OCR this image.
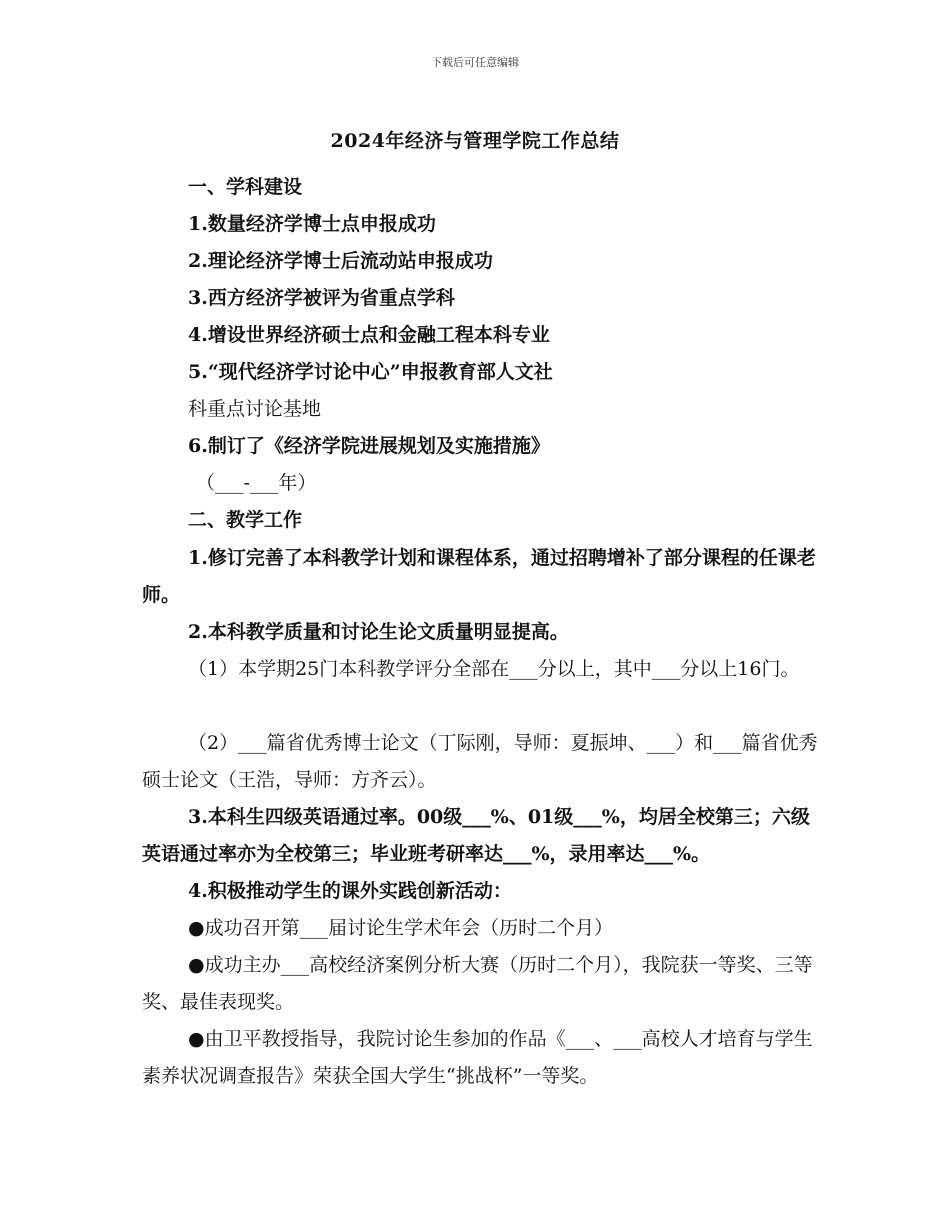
下载后可任意编辑
2024年经济与管理学院工作总结
一、学科建设
1.数量经济学博士点申报成功
2.理论经济学博士后流动站申报成功
3.西方经济学被评为省重点学科
4.增设世界经济硕士点和金融工程本科专业
5.“现代经济学讨论中心”申报教育部人文社
科重点讨论基地
6.制订了《经济学院进展规划及实施措施》
（___-___年）
二、教学工作
1.修订完善了本科教学计划和课程体系，通过招聘增补了部分课程的任课老师。
2.本科教学质量和讨论生论文质量明显提高。
（1）本学期25门本科教学评分全部在___分以上，其中___分以上16门。
（2）___篇省优秀博士论文（丁际刚，导师：夏振坤、___）和___篇省优秀硕士论文（王浩，导师：方齐云）。
3.本科生四级英语通过率。00级___%、01级___%，均居全校第三；六级英语通过率亦为全校第三；毕业班考研率达___%，录用率达___%。
4.积极推动学生的课外实践创新活动：
●成功召开第___届讨论生学术年会（历时二个月）
●成功主办___高校经济案例分析大赛（历时二个月），我院获一等奖、三等奖、最佳表现奖。
●由卫平教授指导，我院讨论生参加的作品《___、___高校人才培育与学生素养状况调查报告》荣获全国大学生“挑战杯”一等奖。
